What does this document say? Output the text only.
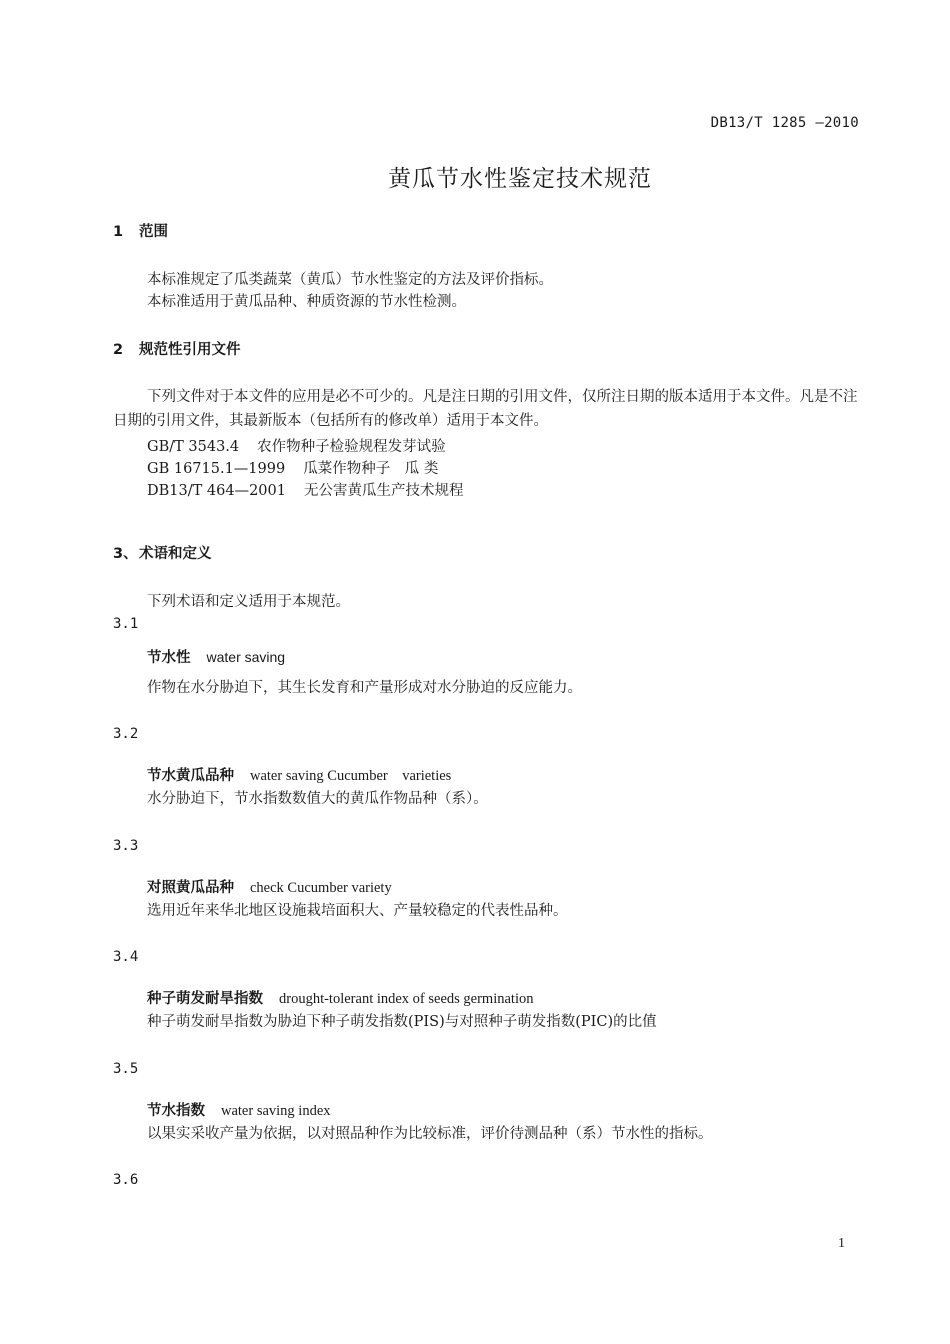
DB13/T 1285 —2010
黄瓜节水性鉴定技术规范
1 范围
本标准规定了瓜类蔬菜（黄瓜）节水性鉴定的方法及评价指标。
本标准适用于黄瓜品种、种质资源的节水性检测。
2 规范性引用文件
下列文件对于本文件的应用是必不可少的。凡是注日期的引用文件，仅所注日期的版本适用于本文件。凡是不注日期的引用文件，其最新版本（包括所有的修改单）适用于本文件。
GB/T 3543.4 农作物种子检验规程发芽试验
GB 16715.1—1999 瓜菜作物种子　瓜 类
DB13/T 464—2001 无公害黄瓜生产技术规程
3、术语和定义
下列术语和定义适用于本规范。
3.1
节水性 water saving
作物在水分胁迫下，其生长发育和产量形成对水分胁迫的反应能力。
3.2
节水黄瓜品种 water saving Cucumber　varieties
水分胁迫下，节水指数数值大的黄瓜作物品种（系）。
3.3
对照黄瓜品种 check Cucumber variety
选用近年来华北地区设施栽培面积大、产量较稳定的代表性品种。
3.4
种子萌发耐旱指数 drought-tolerant index of seeds germination
种子萌发耐旱指数为胁迫下种子萌发指数(PIS)与对照种子萌发指数(PIC)的比值
3.5
节水指数 water saving index
以果实采收产量为依据，以对照品种作为比较标准，评价待测品种（系）节水性的指标。
3.6
1
